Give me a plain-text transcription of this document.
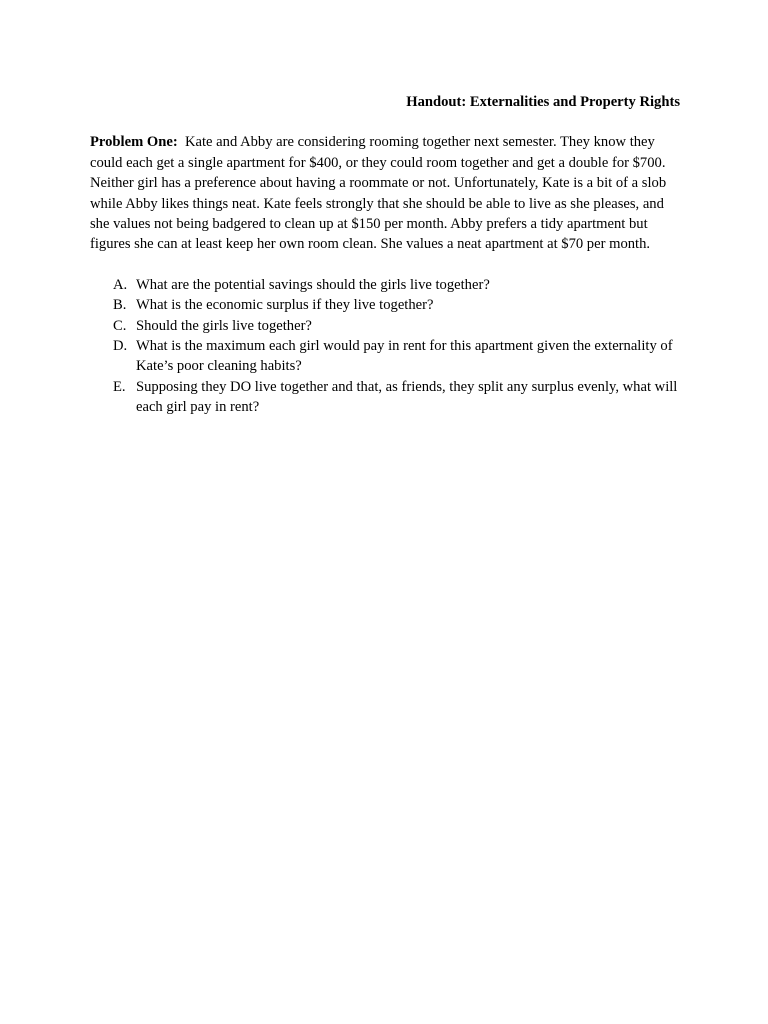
Handout: Externalities and Property Rights

Problem One: Kate and Abby are considering rooming together next semester. They know they could each get a single apartment for $400, or they could room together and get a double for $700. Neither girl has a preference about having a roommate or not. Unfortunately, Kate is a bit of a slob while Abby likes things neat. Kate feels strongly that she should be able to live as she pleases, and she values not being badgered to clean up at $150 per month. Abby prefers a tidy apartment but figures she can at least keep her own room clean. She values a neat apartment at $70 per month.

A. What are the potential savings should the girls live together?
B. What is the economic surplus if they live together?
C. Should the girls live together?
D. What is the maximum each girl would pay in rent for this apartment given the externality of Kate’s poor cleaning habits?
E. Supposing they DO live together and that, as friends, they split any surplus evenly, what will each girl pay in rent?
